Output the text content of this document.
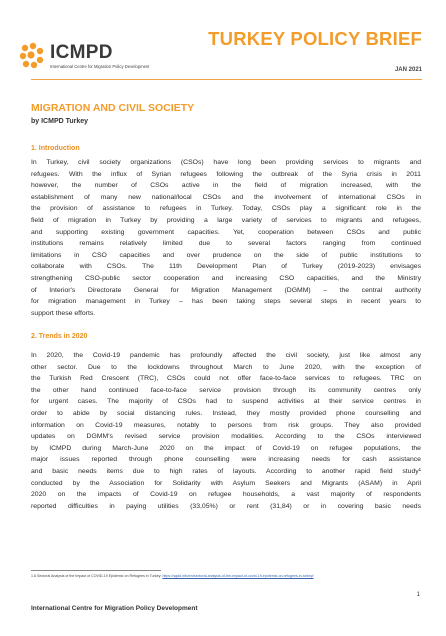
ICMPD
International Centre for Migration Policy Development
TURKEY POLICY BRIEF
JAN 2021
MIGRATION AND CIVIL SOCIETY
by ICMPD Turkey
1. Introduction
In Turkey, civil society organizations (CSOs) have long been providing services to migrants and
refugees. With the influx of Syrian refugees following the outbreak of the Syria crisis in 2011
however, the number of CSOs active in the field of migration increased, with the
establishment of many new national/local CSOs and the involvement of international CSOs in
the provision of assistance to refugees in Turkey. Today, CSOs play a significant role in the
field of migration in Turkey by providing a large variety of services to migrants and refugees,
and supporting existing government capacities. Yet, cooperation between CSOs and public
institutions remains relatively limited due to several factors ranging from continued
limitations in CSO capacities and over prudence on the side of public institutions to
collaborate with CSOs. The 11th Development Plan of Turkey (2019-2023) envisages
strengthening CSO-public sector cooperation and increasing CSO capacities, and the Ministry
of Interior's Directorate General for Migration Management (DGMM) – the central authority
for migration management in Turkey – has been taking steps several steps in recent years to
support these efforts.
2. Trends in 2020
In 2020, the Covid-19 pandemic has profoundly affected the civil society, just like almost any
other sector. Due to the lockdowns throughout March to June 2020, with the exception of
the Turkish Red Crescent (TRC), CSOs could not offer face-to-face services to refugees. TRC on
the other hand continued face-to-face service provision through its community centres only
for urgent cases. The majority of CSOs had to suspend activities at their service centres in
order to abide by social distancing rules. Instead, they mostly provided phone counselling and
information on Covid-19 measures, notably to persons from risk groups. They also provided
updates on DGMM's revised service provision modalities. According to the CSOs interviewed
by ICMPD during March-June 2020 on the impact of Covid-19 on refugee populations, the
major issues reported through phone counselling were increasing needs for cash assistance
and basic needs items due to high rates of layouts. According to another rapid field study¹
conducted by the Association for Solidarity with Asylum Seekers and Migrants (ASAM) in April
2020 on the impacts of Covid-19 on refugee households, a vast majority of respondents
reported difficulties in paying utilities (33,05%) or rent (31,84) or in covering basic needs
1 A Sectoral Analysis of the Impact of COVID-19 Epidemic on Refugees in Turkey: https://sgdd.info/en/sectoral-analysis-of-the-impact-of-covid-19-epidemic-on-refugees-in-turkey/
1
International Centre for Migration Policy Development
